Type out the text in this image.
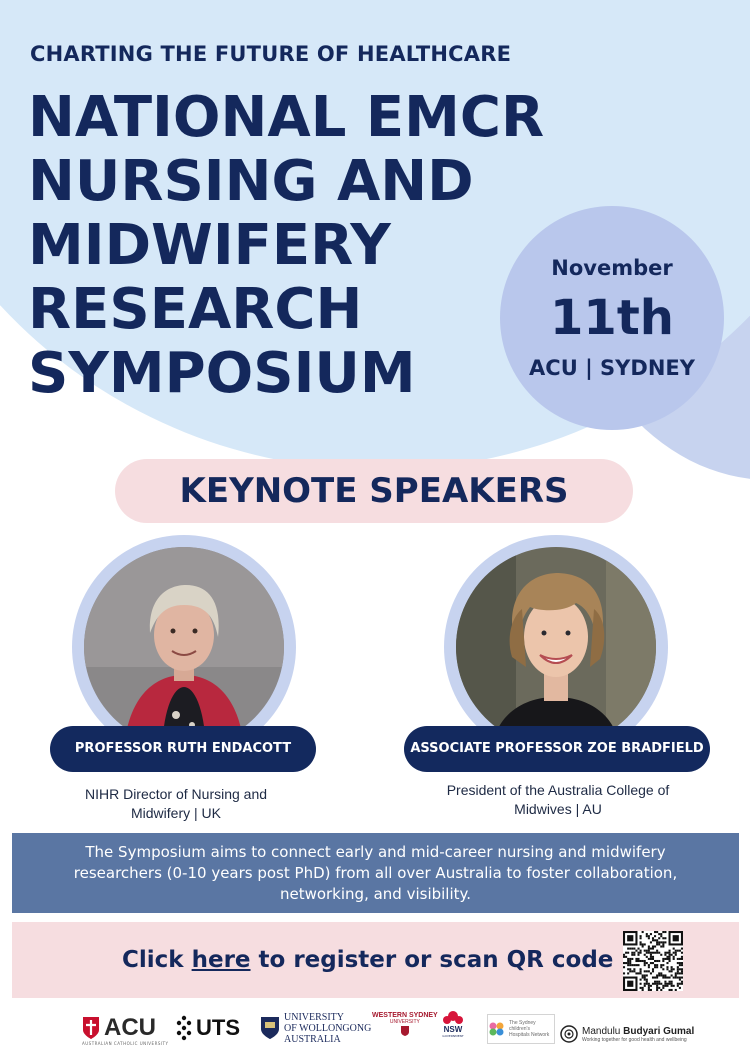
CHARTING THE FUTURE OF HEALTHCARE
NATIONAL EMCR
NURSING AND
MIDWIFERY
RESEARCH
SYMPOSIUM
November
11th
ACU | SYDNEY
KEYNOTE SPEAKERS
PROFESSOR RUTH ENDACOTT	ASSOCIATE PROFESSOR ZOE BRADFIELD
NIHR Director of Nursing and Midwifery | UK
President of the Australia College of Midwives | AU
The Symposium aims to connect early and mid-career nursing and midwifery researchers (0-10 years post PhD) from all over Australia to foster collaboration, networking, and visibility.
Click here to register or scan QR code
ACU
AUSTRALIAN CATHOLIC UNIVERSITY
UTS	UNIVERSITY
OF WOLLONGONG
AUSTRALIA
WESTERN SYDNEY
UNIVERSITY
NSW
GOVERNMENT
The Sydney
children's
Hospitals Network	Mandulu Budyari Gumal
Working together for good health and wellbeing
